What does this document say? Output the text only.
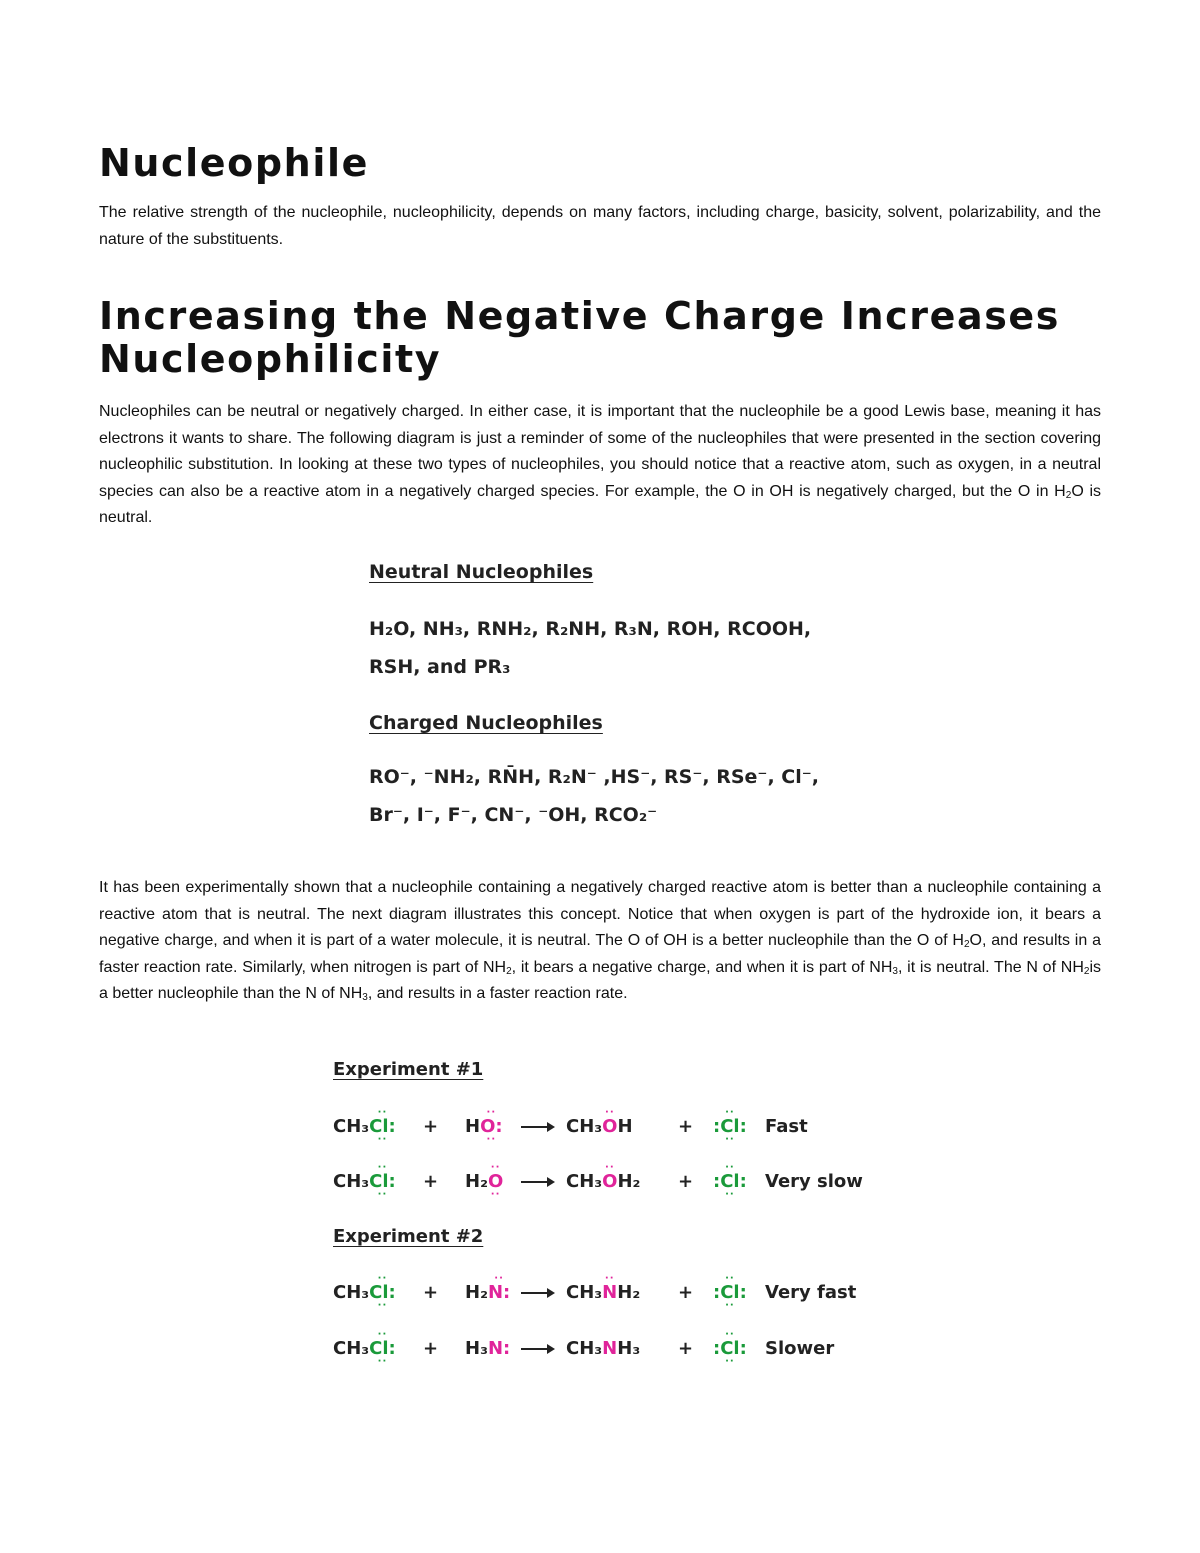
Nucleophile

The relative strength of the nucleophile, nucleophilicity, depends on many factors, including charge, basicity, solvent, polarizability, and the nature of the substituents.

Increasing the Negative Charge Increases Nucleophilicity

Nucleophiles can be neutral or negatively charged. In either case, it is important that the nucleophile be a good Lewis base, meaning it has electrons it wants to share. The following diagram is just a reminder of some of the nucleophiles that were presented in the section covering nucleophilic substitution. In looking at these two types of nucleophiles, you should notice that a reactive atom, such as oxygen, in a neutral species can also be a reactive atom in a negatively charged species. For example, the O in OH is negatively charged, but the O in $H_2O$ is neutral.

It has been experimentally shown that a nucleophile containing a negatively charged reactive atom is better than a nucleophile containing a reactive atom that is neutral. The next diagram illustrates this concept. Notice that when oxygen is part of the hydroxide ion, it bears a negative charge, and when it is part of a water molecule, it is neutral. The O of OH is a better nucleophile than the O of $H_2O$, and results in a faster reaction rate. Similarly, when nitrogen is part of $NH_2$, it bears a negative charge, and when it is part of $NH_3$, it is neutral. The N of $NH_2is$ a better nucleophile than the N of $NH_3$, and results in a faster reaction rate.

Neutral Nucleophiles
H₂O, NH₃, RNH₂, R₂NH, R₃N, ROH, RCOOH,
RSH, and PR₃
Charged Nucleophiles
RO⁻, ⁻NH₂, RN̄H, R₂N⁻ ,HS⁻, RS⁻, RSe⁻, Cl⁻,
Br⁻, I⁻, F⁻, CN⁻, ⁻OH, RCO₂⁻
Experiment #1
CH₃
··
Cl:
··
+ H
··
O:
··
→ CH₃
··
OH	+
··
:Cl:
··
Fast
CH₃
··
Cl:
··
+ H₂
··
O
··
→ CH₃
··
OH₂ +
··
:Cl:
··
Very slow
Experiment #2
CH₃
··
Cl:
··
+ H₂
··
N: → CH₃
··
NH₂ +
··
:Cl:
··
Very fast
CH₃
··
Cl:
··
+ H₃N: → CH₃NH₃ +
··
:Cl:
··
Slower
